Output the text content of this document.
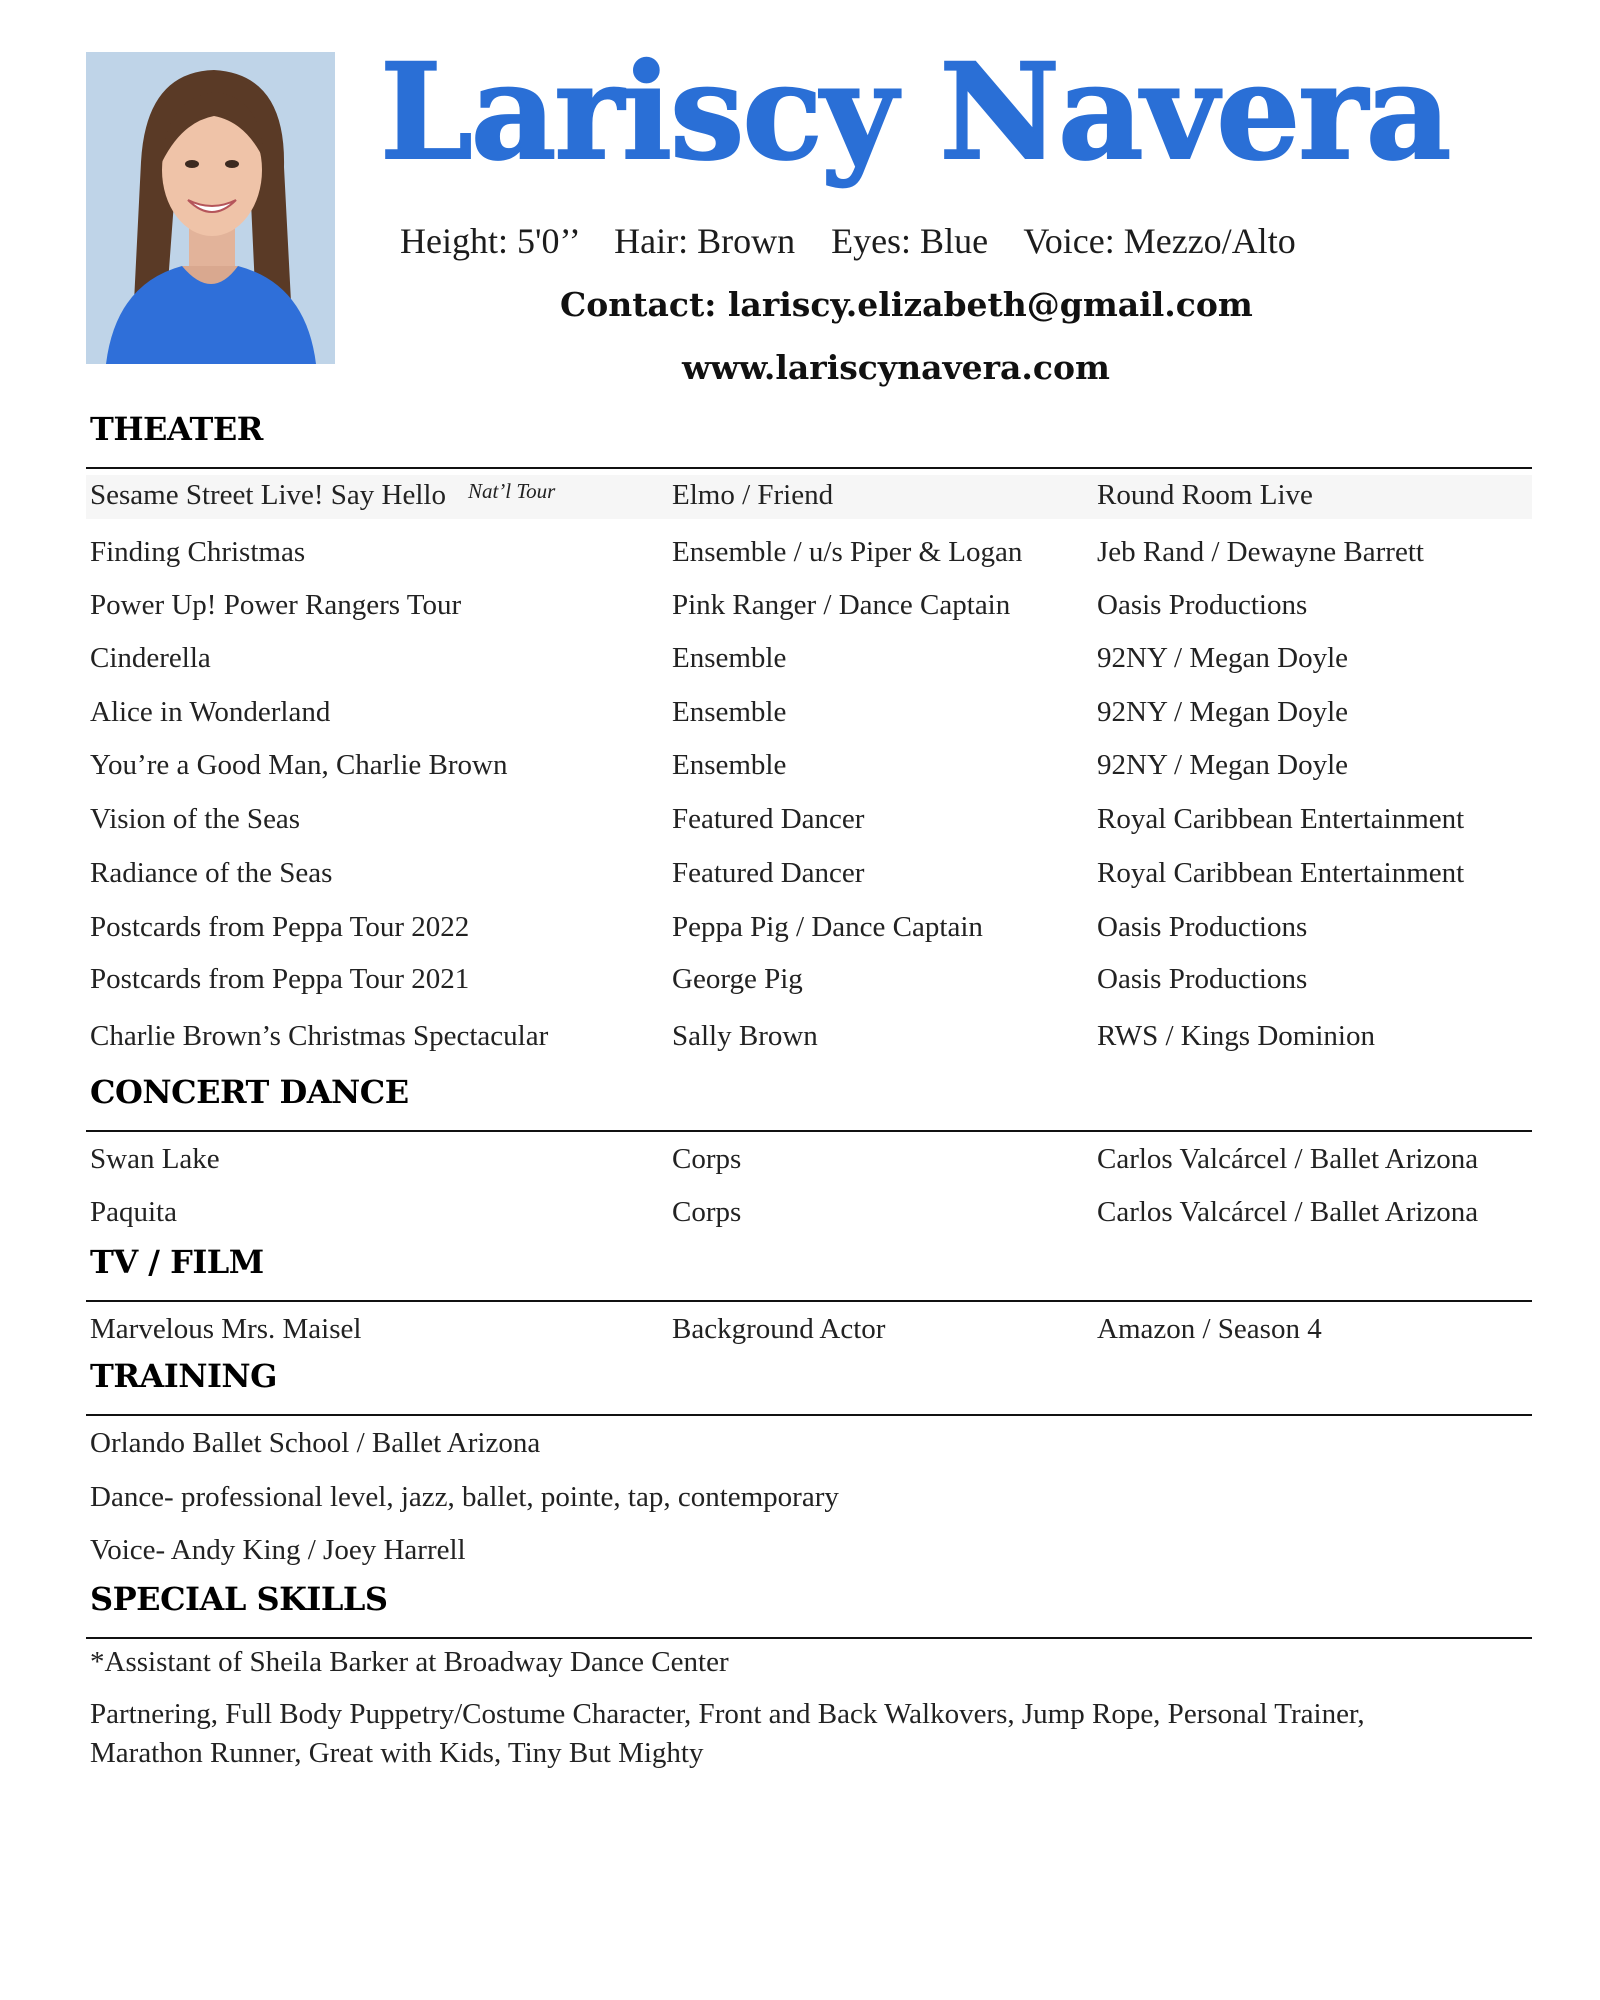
Lariscy Navera
Height: 5'0’’ Hair: Brown Eyes: Blue Voice: Mezzo/Alto
Contact: lariscy.elizabeth@gmail.com
www.lariscynavera.com
THEATER
Sesame Street Live! Say Hello $^{Nat’l Tour}$	Elmo / Friend	Round Room Live
Finding Christmas	Ensemble / u/s Piper & Logan	Jeb Rand / Dewayne Barrett
Power Up! Power Rangers Tour	Pink Ranger / Dance Captain	Oasis Productions
Cinderella	Ensemble	92NY / Megan Doyle
Alice in Wonderland	Ensemble	92NY / Megan Doyle
You’re a Good Man, Charlie Brown	Ensemble	92NY / Megan Doyle
Vision of the Seas	Featured Dancer	Royal Caribbean Entertainment
Radiance of the Seas	Featured Dancer	Royal Caribbean Entertainment
Postcards from Peppa Tour 2022	Peppa Pig / Dance Captain	Oasis Productions
Postcards from Peppa Tour 2021	George Pig	Oasis Productions
Charlie Brown’s Christmas Spectacular	Sally Brown	RWS / Kings Dominion
CONCERT DANCE
Swan Lake	Corps	Carlos Valcárcel / Ballet Arizona
Paquita	Corps	Carlos Valcárcel / Ballet Arizona
TV / FILM
Marvelous Mrs. Maisel	Background Actor	Amazon / Season 4
TRAINING
Orlando Ballet School / Ballet Arizona
Dance- professional level, jazz, ballet, pointe, tap, contemporary
Voice- Andy King / Joey Harrell
SPECIAL SKILLS
*Assistant of Sheila Barker at Broadway Dance Center
Partnering, Full Body Puppetry/Costume Character, Front and Back Walkovers, Jump Rope, Personal Trainer,
Marathon Runner, Great with Kids, Tiny But Mighty
